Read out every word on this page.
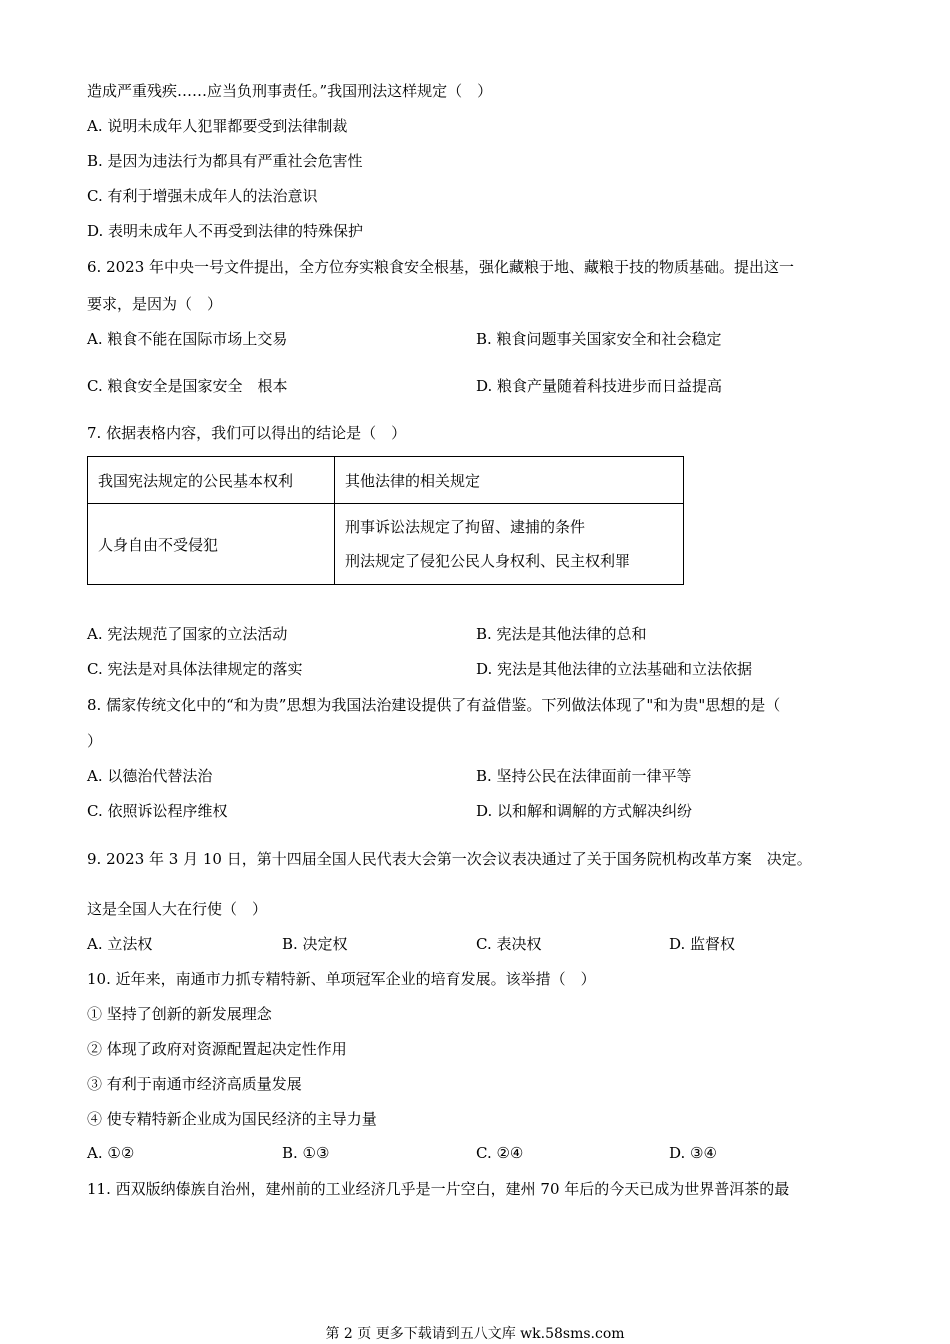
造成严重残疾……应当负刑事责任。”我国刑法这样规定（　）
A. 说明未成年人犯罪都要受到法律制裁
B. 是因为违法行为都具有严重社会危害性
C. 有利于增强未成年人的法治意识
D. 表明未成年人不再受到法律的特殊保护
6. 2023 年中央一号文件提出，全方位夯实粮食安全根基，强化藏粮于地、藏粮于技的物质基础。提出这一
要求，是因为（　）
A. 粮食不能在国际市场上交易	B. 粮食问题事关国家安全和社会稳定
C. 粮食安全是国家安全　根本	D. 粮食产量随着科技进步而日益提高
7. 依据表格内容，我们可以得出的结论是（　）
我国宪法规定的公民基本权利	其他法律的相关规定
人身自由不受侵犯	刑事诉讼法规定了拘留、逮捕的条件
刑法规定了侵犯公民人身权利、民主权利罪
A. 宪法规范了国家的立法活动	B. 宪法是其他法律的总和
C. 宪法是对具体法律规定的落实	D. 宪法是其他法律的立法基础和立法依据
8. 儒家传统文化中的“和为贵”思想为我国法治建设提供了有益借鉴。下列做法体现了"和为贵"思想的是（
）
A. 以德治代替法治	B. 坚持公民在法律面前一律平等
C. 依照诉讼程序维权	D. 以和解和调解的方式解决纠纷
9. 2023 年 3 月 10 日，第十四届全国人民代表大会第一次会议表决通过了关于国务院机构改革方案　决定。
这是全国人大在行使（　）
A. 立法权	B. 决定权	C. 表决权	D. 监督权
10. 近年来，南通市力抓专精特新、单项冠军企业的培育发展。该举措（　）
① 坚持了创新的新发展理念
② 体现了政府对资源配置起决定性作用
③ 有利于南通市经济高质量发展
④ 使专精特新企业成为国民经济的主导力量
A. ①②	B. ①③	C. ②④	D. ③④
11. 西双版纳傣族自治州，建州前的工业经济几乎是一片空白，建州 70 年后的今天已成为世界普洱茶的最
第 2 页 更多下载请到五八文库 wk.58sms.com
